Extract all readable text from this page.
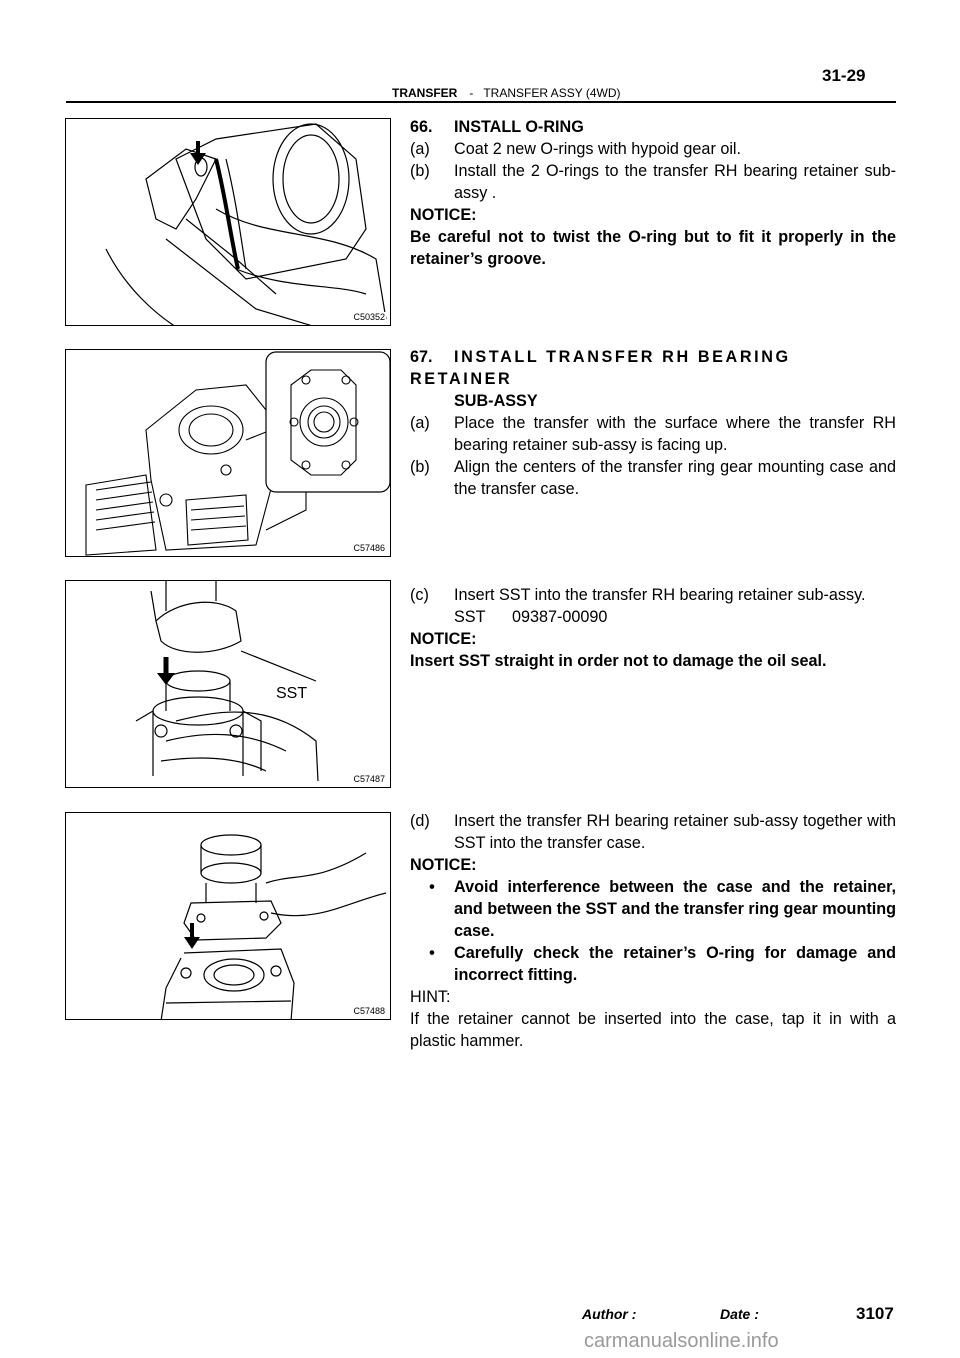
31-29
TRANSFER - TRANSFER ASSY (4WD)
C50352
C57486
SST
C57487
C57488

66. INSTALL O-RING

(a)	Coat 2 new O-rings with hypoid gear oil.
(b)	Install the 2 O-rings to the transfer RH bearing retainer sub-assy .

NOTICE:

Be careful not to twist the O-ring but to fit it properly in the retainer’s groove.

67. INSTALL TRANSFER RH BEARING RETAINER

SUB-ASSY

(a)	Place the transfer with the surface where the transfer RH bearing retainer sub-assy is facing up.
(b)	Align the centers of the transfer ring gear mounting case and the transfer case.
(c)	Insert SST into the transfer RH bearing retainer sub-assy.

SST 09387-00090

NOTICE:

Insert SST straight in order not to damage the oil seal.

(d)	Insert the transfer RH bearing retainer sub-assy together with SST into the transfer case.

NOTICE:

•	Avoid interference between the case and the retainer, and between the SST and the transfer ring gear mounting case.
•	Carefully check the retainer’s O-ring for damage and incorrect fitting.

HINT:

If the retainer cannot be inserted into the case, tap it in with a plastic hammer.

Author :	Date :	3107
carmanualsonline.info
